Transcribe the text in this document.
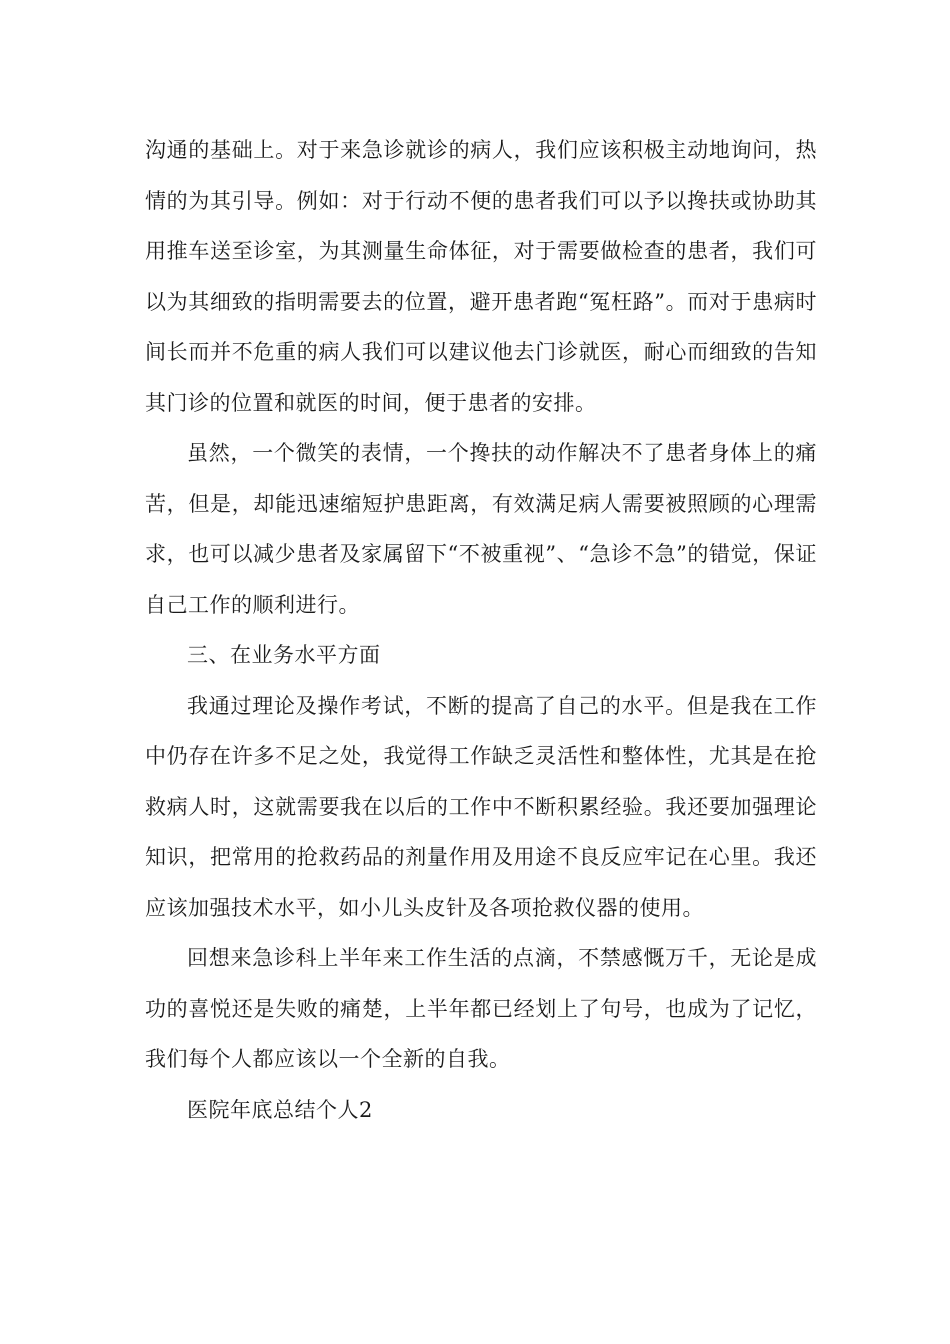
沟通的基础上。对于来急诊就诊的病人，我们应该积极主动地询问，热情的为其引导。例如：对于行动不便的患者我们可以予以搀扶或协助其用推车送至诊室，为其测量生命体征，对于需要做检查的患者，我们可以为其细致的指明需要去的位置，避开患者跑“冤枉路”。而对于患病时间长而并不危重的病人我们可以建议他去门诊就医，耐心而细致的告知其门诊的位置和就医的时间，便于患者的安排。

虽然，一个微笑的表情，一个搀扶的动作解决不了患者身体上的痛苦，但是，却能迅速缩短护患距离，有效满足病人需要被照顾的心理需求，也可以减少患者及家属留下“不被重视”、“急诊不急”的错觉，保证自己工作的顺利进行。

三、在业务水平方面

我通过理论及操作考试，不断的提高了自己的水平。但是我在工作中仍存在许多不足之处，我觉得工作缺乏灵活性和整体性，尤其是在抢救病人时，这就需要我在以后的工作中不断积累经验。我还要加强理论知识，把常用的抢救药品的剂量作用及用途不良反应牢记在心里。我还应该加强技术水平，如小儿头皮针及各项抢救仪器的使用。

回想来急诊科上半年来工作生活的点滴，不禁感慨万千，无论是成功的喜悦还是失败的痛楚，上半年都已经划上了句号，也成为了记忆，我们每个人都应该以一个全新的自我。

医院年底总结个人2
